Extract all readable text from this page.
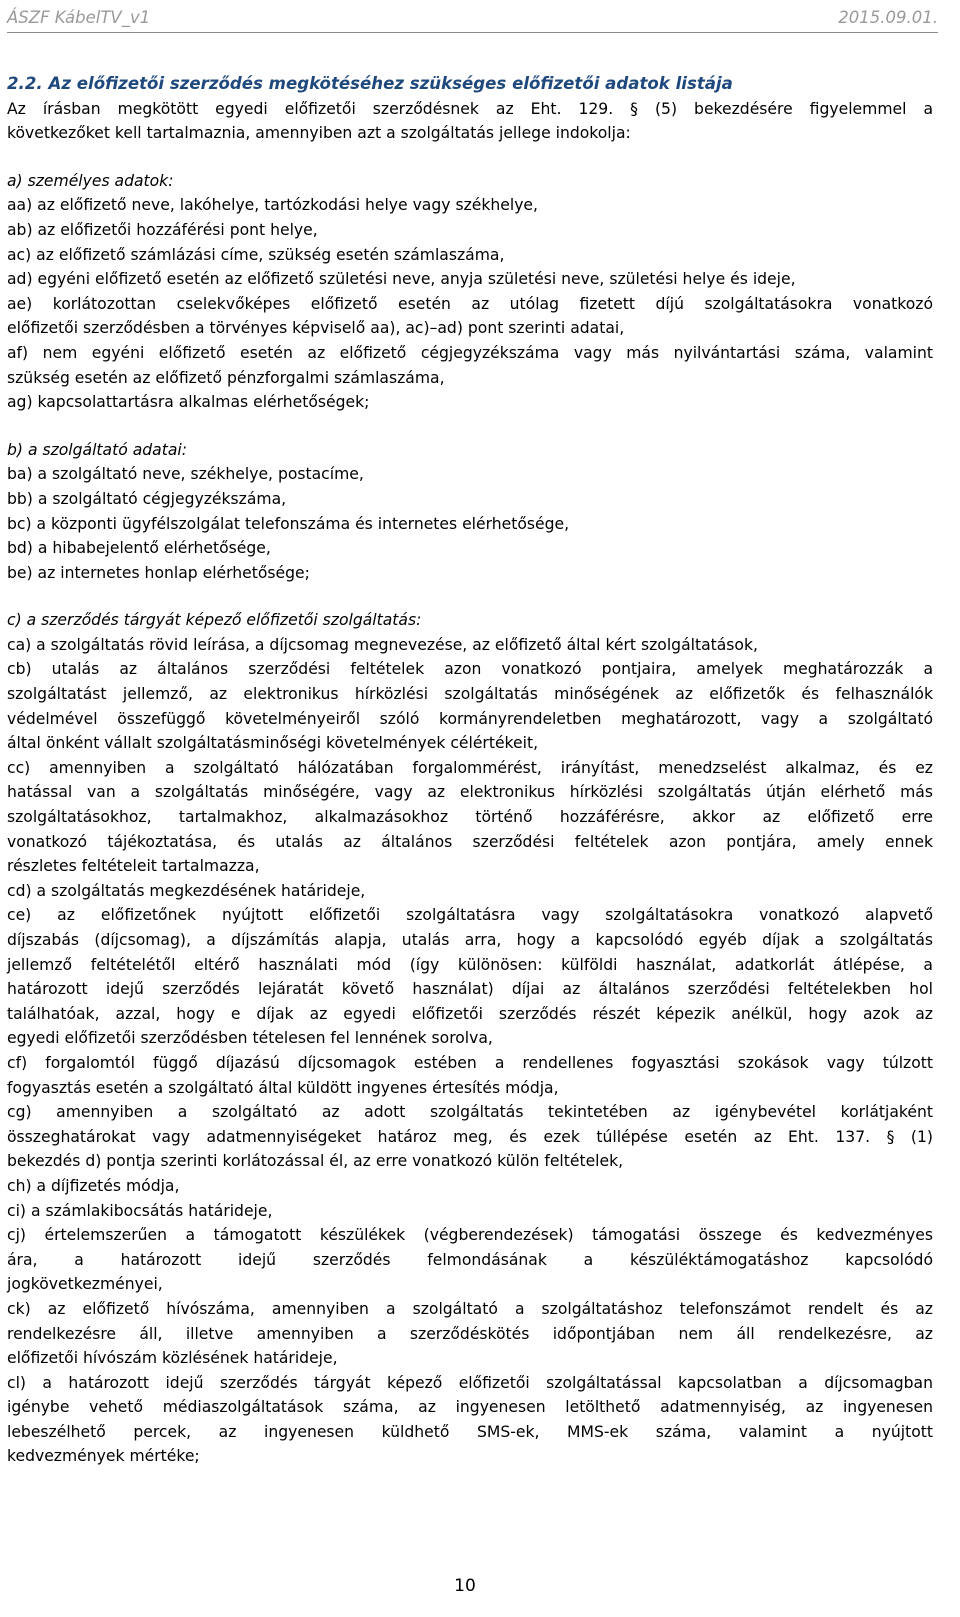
ÁSZF KábelTV_v1	2015.09.01.

2.2. Az előfizetői szerződés megkötéséhez szükséges előfizetői adatok listája

Az írásban megkötött egyedi előfizetői szerződésnek az Eht. 129. § (5) bekezdésére figyelemmel a

következőket kell tartalmaznia, amennyiben azt a szolgáltatás jellege indokolja:

a) személyes adatok:

aa) az előfizető neve, lakóhelye, tartózkodási helye vagy székhelye,

ab) az előfizetői hozzáférési pont helye,

ac) az előfizető számlázási címe, szükség esetén számlaszáma,

ad) egyéni előfizető esetén az előfizető születési neve, anyja születési neve, születési helye és ideje,

ae) korlátozottan cselekvőképes előfizető esetén az utólag fizetett díjú szolgáltatásokra vonatkozó

előfizetői szerződésben a törvényes képviselő aa), ac)–ad) pont szerinti adatai,

af) nem egyéni előfizető esetén az előfizető cégjegyzékszáma vagy más nyilvántartási száma, valamint

szükség esetén az előfizető pénzforgalmi számlaszáma,

ag) kapcsolattartásra alkalmas elérhetőségek;

b) a szolgáltató adatai:

ba) a szolgáltató neve, székhelye, postacíme,

bb) a szolgáltató cégjegyzékszáma,

bc) a központi ügyfélszolgálat telefonszáma és internetes elérhetősége,

bd) a hibabejelentő elérhetősége,

be) az internetes honlap elérhetősége;

c) a szerződés tárgyát képező előfizetői szolgáltatás:

ca) a szolgáltatás rövid leírása, a díjcsomag megnevezése, az előfizető által kért szolgáltatások,

cb) utalás az általános szerződési feltételek azon vonatkozó pontjaira, amelyek meghatározzák a

szolgáltatást jellemző, az elektronikus hírközlési szolgáltatás minőségének az előfizetők és felhasználók

védelmével összefüggő követelményeiről szóló kormányrendeletben meghatározott, vagy a szolgáltató

által önként vállalt szolgáltatásminőségi követelmények célértékeit,

cc) amennyiben a szolgáltató hálózatában forgalommérést, irányítást, menedzselést alkalmaz, és ez

hatással van a szolgáltatás minőségére, vagy az elektronikus hírközlési szolgáltatás útján elérhető más

szolgáltatásokhoz, tartalmakhoz, alkalmazásokhoz történő hozzáférésre, akkor az előfizető erre

vonatkozó tájékoztatása, és utalás az általános szerződési feltételek azon pontjára, amely ennek

részletes feltételeit tartalmazza,

cd) a szolgáltatás megkezdésének határideje,

ce) az előfizetőnek nyújtott előfizetői szolgáltatásra vagy szolgáltatásokra vonatkozó alapvető

díjszabás (díjcsomag), a díjszámítás alapja, utalás arra, hogy a kapcsolódó egyéb díjak a szolgáltatás

jellemző feltételétől eltérő használati mód (így különösen: külföldi használat, adatkorlát átlépése, a

határozott idejű szerződés lejáratát követő használat) díjai az általános szerződési feltételekben hol

találhatóak, azzal, hogy e díjak az egyedi előfizetői szerződés részét képezik anélkül, hogy azok az

egyedi előfizetői szerződésben tételesen fel lennének sorolva,

cf) forgalomtól függő díjazású díjcsomagok estében a rendellenes fogyasztási szokások vagy túlzott

fogyasztás esetén a szolgáltató által küldött ingyenes értesítés módja,

cg) amennyiben a szolgáltató az adott szolgáltatás tekintetében az igénybevétel korlátjaként

összeghatárokat vagy adatmennyiségeket határoz meg, és ezek túllépése esetén az Eht. 137. § (1)

bekezdés d) pontja szerinti korlátozással él, az erre vonatkozó külön feltételek,

ch) a díjfizetés módja,

ci) a számlakibocsátás határideje,

cj) értelemszerűen a támogatott készülékek (végberendezések) támogatási összege és kedvezményes

ára, a határozott idejű szerződés felmondásának a készüléktámogatáshoz kapcsolódó

jogkövetkezményei,

ck) az előfizető hívószáma, amennyiben a szolgáltató a szolgáltatáshoz telefonszámot rendelt és az

rendelkezésre áll, illetve amennyiben a szerződéskötés időpontjában nem áll rendelkezésre, az

előfizetői hívószám közlésének határideje,

cl) a határozott idejű szerződés tárgyát képező előfizetői szolgáltatással kapcsolatban a díjcsomagban

igénybe vehető médiaszolgáltatások száma, az ingyenesen letölthető adatmennyiség, az ingyenesen

lebeszélhető percek, az ingyenesen küldhető SMS-ek, MMS-ek száma, valamint a nyújtott

kedvezmények mértéke;

10
